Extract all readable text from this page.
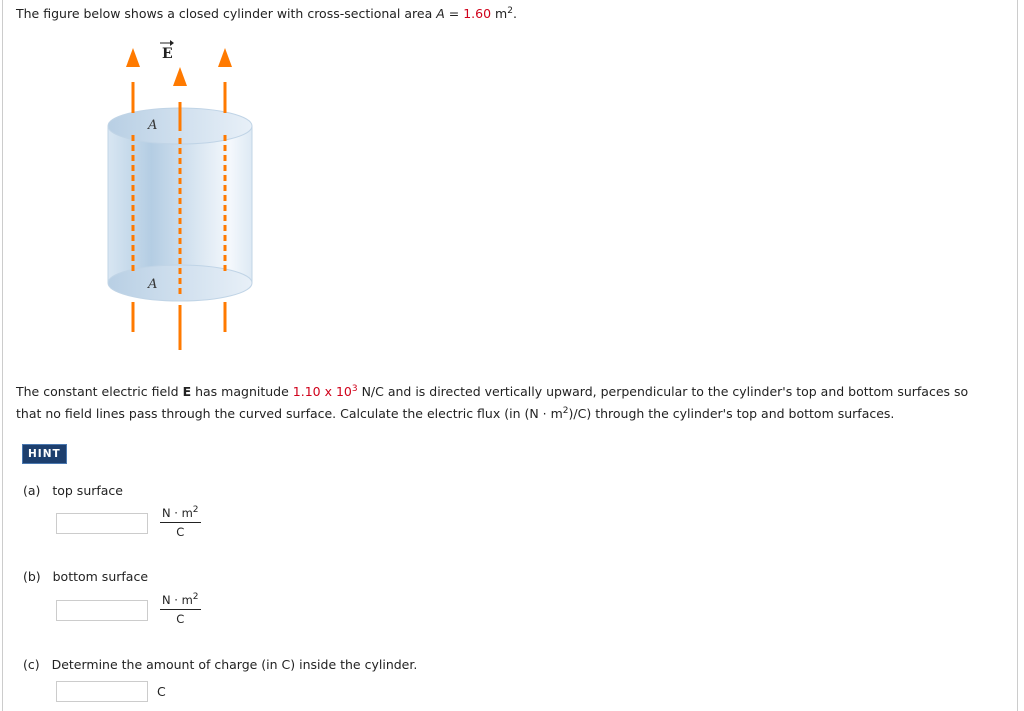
The figure below shows a closed cylinder with cross-sectional area A = 1.60 $m^2$.
E
A
A
The constant electric field E has magnitude 1.10 x $10^3$ N/C and is directed vertically upward, perpendicular to the cylinder's top and bottom surfaces so
that no field lines pass through the curved surface. Calculate the electric flux (in $(N \cdot m^2)/C$) through the cylinder's top and bottom surfaces.
HINT
(a) top surface
$\frac{N \cdot m^2}{C}$
(b) bottom surface
$\frac{N \cdot m^2}{C}$
(c) Determine the amount of charge (in C) inside the cylinder.
C
